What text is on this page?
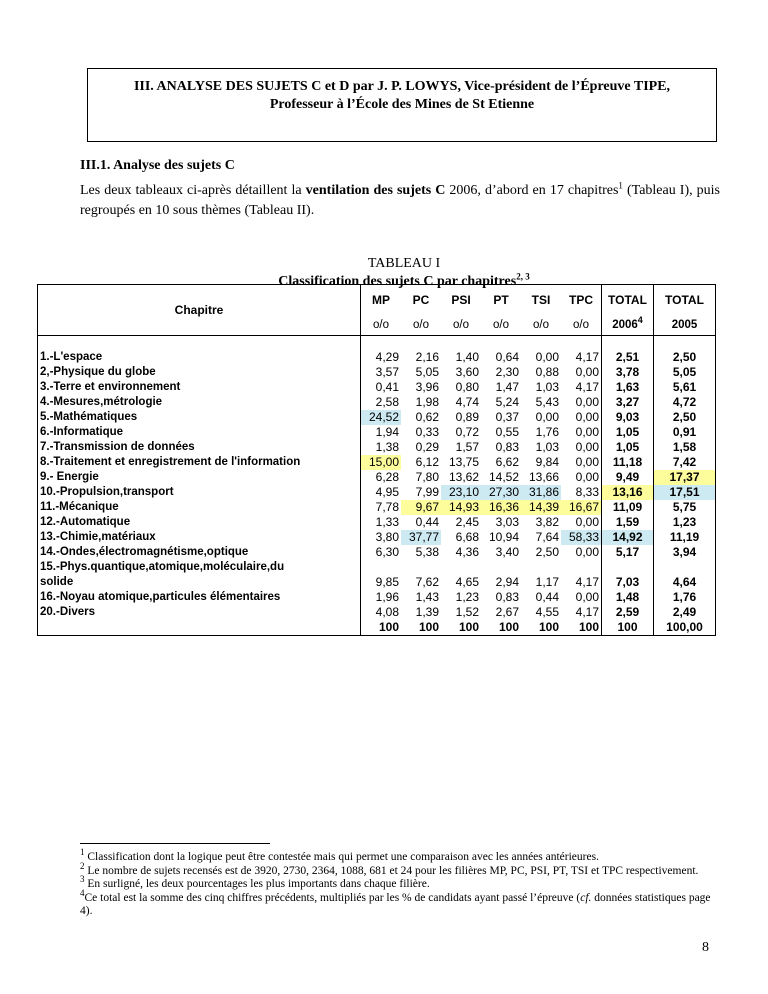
III. ANALYSE DES SUJETS C et D par J. P. LOWYS, Vice-président de l’Épreuve TIPE,
Professeur à l’École des Mines de St Etienne
III.1. Analyse des sujets C

Les deux tableaux ci-après détaillent la ventilation des sujets C 2006, d’abord en 17 chapitres$^1$ (Tableau I), puis regroupés en 10 sous thèmes (Tableau II).

TABLEAU I
Classification des sujets C par chapitres$^{2, 3}$
Chapitre	MP	PC	PSI	PT	TSI	TPC	TOTAL	TOTAL
	o/o	o/o	o/o	o/o	o/o	o/o	2006$^4$	2005

1.-L'espace	4,29	2,16	1,40	0,64	0,00	4,17	2,51	2,50
2,-Physique du globe	3,57	5,05	3,60	2,30	0,88	0,00	3,78	5,05
3.-Terre et environnement	0,41	3,96	0,80	1,47	1,03	4,17	1,63	5,61
4.-Mesures,métrologie	2,58	1,98	4,74	5,24	5,43	0,00	3,27	4,72
5.-Mathématiques	24,52	0,62	0,89	0,37	0,00	0,00	9,03	2,50
6.-Informatique	1,94	0,33	0,72	0,55	1,76	0,00	1,05	0,91
7.-Transmission de données	1,38	0,29	1,57	0,83	1,03	0,00	1,05	1,58
8.-Traitement et enregistrement de l'information	15,00	6,12	13,75	6,62	9,84	0,00	11,18	7,42
9.- Energie	6,28	7,80	13,62	14,52	13,66	0,00	9,49	17,37
10.-Propulsion,transport	4,95	7,99	23,10	27,30	31,86	8,33	13,16	17,51
11.-Mécanique	7,78	9,67	14,93	16,36	14,39	16,67	11,09	5,75
12.-Automatique	1,33	0,44	2,45	3,03	3,82	0,00	1,59	1,23
13.-Chimie,matériaux	3,80	37,77	6,68	10,94	7,64	58,33	14,92	11,19
14.-Ondes,électromagnétisme,optique	6,30	5,38	4,36	3,40	2,50	0,00	5,17	3,94
15.-Phys.quantique,atomique,moléculaire,du								
solide	9,85	7,62	4,65	2,94	1,17	4,17	7,03	4,64
16.-Noyau atomique,particules élémentaires	1,96	1,43	1,23	0,83	0,44	0,00	1,48	1,76
20.-Divers	4,08	1,39	1,52	2,67	4,55	4,17	2,59	2,49
	100	100	100	100	100	100	100	100,00

$^1$ Classification dont la logique peut être contestée mais qui permet une comparaison avec les années antérieures.

$^2$ Le nombre de sujets recensés est de 3920, 2730, 2364, 1088, 681 et 24 pour les filières MP, PC, PSI, PT, TSI et TPC respectivement.

$^3$ En surligné, les deux pourcentages les plus importants dans chaque filière.

$^4$Ce total est la somme des cinq chiffres précédents, multipliés par les % de candidats ayant passé l’épreuve (cf. données statistiques page 4).

8
